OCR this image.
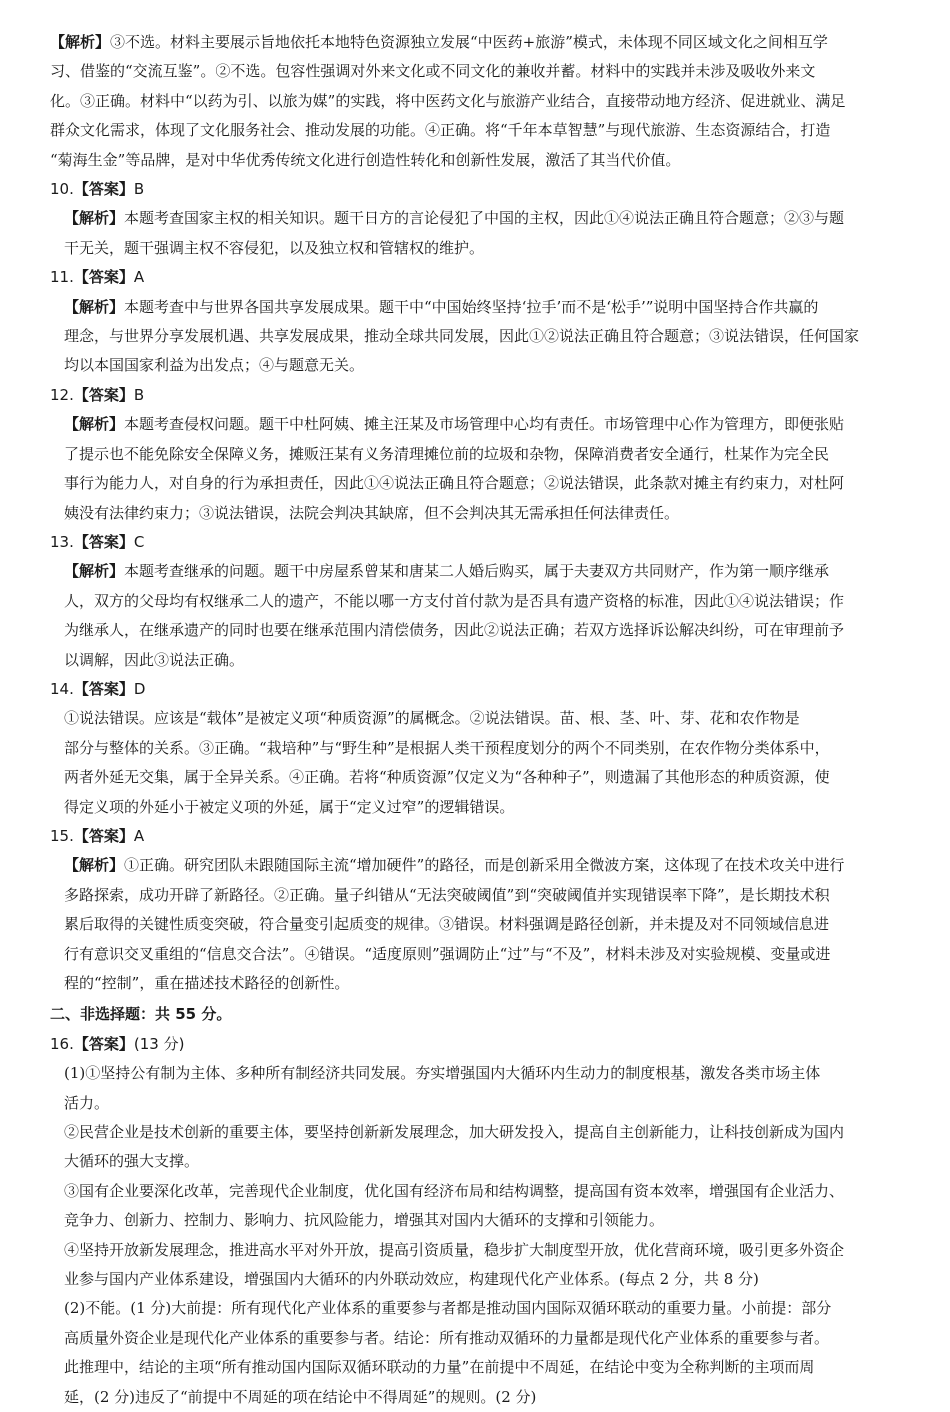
【解析】③不选。材料主要展示旨地依托本地特色资源独立发展“中医药+旅游”模式，未体现不同区域文化之间相互学

习、借鉴的“交流互鉴”。②不选。包容性强调对外来文化或不同文化的兼收并蓄。材料中的实践并未涉及吸收外来文

化。③正确。材料中“以药为引、以旅为媒”的实践，将中医药文化与旅游产业结合，直接带动地方经济、促进就业、满足

群众文化需求，体现了文化服务社会、推动发展的功能。④正确。将“千年本草智慧”与现代旅游、生态资源结合，打造

“菊海生金”等品牌，是对中华优秀传统文化进行创造性转化和创新性发展，激活了其当代价值。

10.【答案】B

【解析】本题考查国家主权的相关知识。题干日方的言论侵犯了中国的主权，因此①④说法正确且符合题意；②③与题

干无关，题干强调主权不容侵犯，以及独立权和管辖权的维护。

11.【答案】A

【解析】本题考查中与世界各国共享发展成果。题干中“中国始终坚持‘拉手’而不是‘松手’”说明中国坚持合作共赢的

理念，与世界分享发展机遇、共享发展成果，推动全球共同发展，因此①②说法正确且符合题意；③说法错误，任何国家

均以本国国家利益为出发点；④与题意无关。

12.【答案】B

【解析】本题考查侵权问题。题干中杜阿姨、摊主汪某及市场管理中心均有责任。市场管理中心作为管理方，即便张贴

了提示也不能免除安全保障义务，摊贩汪某有义务清理摊位前的垃圾和杂物，保障消费者安全通行，杜某作为完全民

事行为能力人，对自身的行为承担责任，因此①④说法正确且符合题意；②说法错误，此条款对摊主有约束力，对杜阿

姨没有法律约束力；③说法错误，法院会判决其缺席，但不会判决其无需承担任何法律责任。

13.【答案】C

【解析】本题考查继承的问题。题干中房屋系曾某和唐某二人婚后购买，属于夫妻双方共同财产，作为第一顺序继承

人，双方的父母均有权继承二人的遗产，不能以哪一方支付首付款为是否具有遗产资格的标准，因此①④说法错误；作

为继承人，在继承遗产的同时也要在继承范围内清偿债务，因此②说法正确；若双方选择诉讼解决纠纷，可在审理前予

以调解，因此③说法正确。

14.【答案】D

①说法错误。应该是“载体”是被定义项“种质资源”的属概念。②说法错误。苗、根、茎、叶、芽、花和农作物是

部分与整体的关系。③正确。“栽培种”与“野生种”是根据人类干预程度划分的两个不同类别，在农作物分类体系中，

两者外延无交集，属于全异关系。④正确。若将“种质资源”仅定义为“各种种子”，则遗漏了其他形态的种质资源，使

得定义项的外延小于被定义项的外延，属于“定义过窄”的逻辑错误。

15.【答案】A

【解析】①正确。研究团队未跟随国际主流“增加硬件”的路径，而是创新采用全微波方案，这体现了在技术攻关中进行

多路探索，成功开辟了新路径。②正确。量子纠错从“无法突破阈值”到“突破阈值并实现错误率下降”，是长期技术积

累后取得的关键性质变突破，符合量变引起质变的规律。③错误。材料强调是路径创新，并未提及对不同领域信息进

行有意识交叉重组的“信息交合法”。④错误。“适度原则”强调防止“过”与“不及”，材料未涉及对实验规模、变量或进

程的“控制”，重在描述技术路径的创新性。

二、非选择题：共 55 分。

16.【答案】(13 分)

(1)①坚持公有制为主体、多种所有制经济共同发展。夯实增强国内大循环内生动力的制度根基，激发各类市场主体

活力。

②民营企业是技术创新的重要主体，要坚持创新新发展理念，加大研发投入，提高自主创新能力，让科技创新成为国内

大循环的强大支撑。

③国有企业要深化改革，完善现代企业制度，优化国有经济布局和结构调整，提高国有资本效率，增强国有企业活力、

竞争力、创新力、控制力、影响力、抗风险能力，增强其对国内大循环的支撑和引领能力。

④坚持开放新发展理念，推进高水平对外开放，提高引资质量，稳步扩大制度型开放，优化营商环境，吸引更多外资企

业参与国内产业体系建设，增强国内大循环的内外联动效应，构建现代化产业体系。(每点 2 分，共 8 分)

(2)不能。(1 分)大前提：所有现代化产业体系的重要参与者都是推动国内国际双循环联动的重要力量。小前提：部分

高质量外资企业是现代化产业体系的重要参与者。结论：所有推动双循环的力量都是现代化产业体系的重要参与者。

此推理中，结论的主项“所有推动国内国际双循环联动的力量”在前提中不周延，在结论中变为全称判断的主项而周

延，(2 分)违反了“前提中不周延的项在结论中不得周延”的规则。(2 分)
